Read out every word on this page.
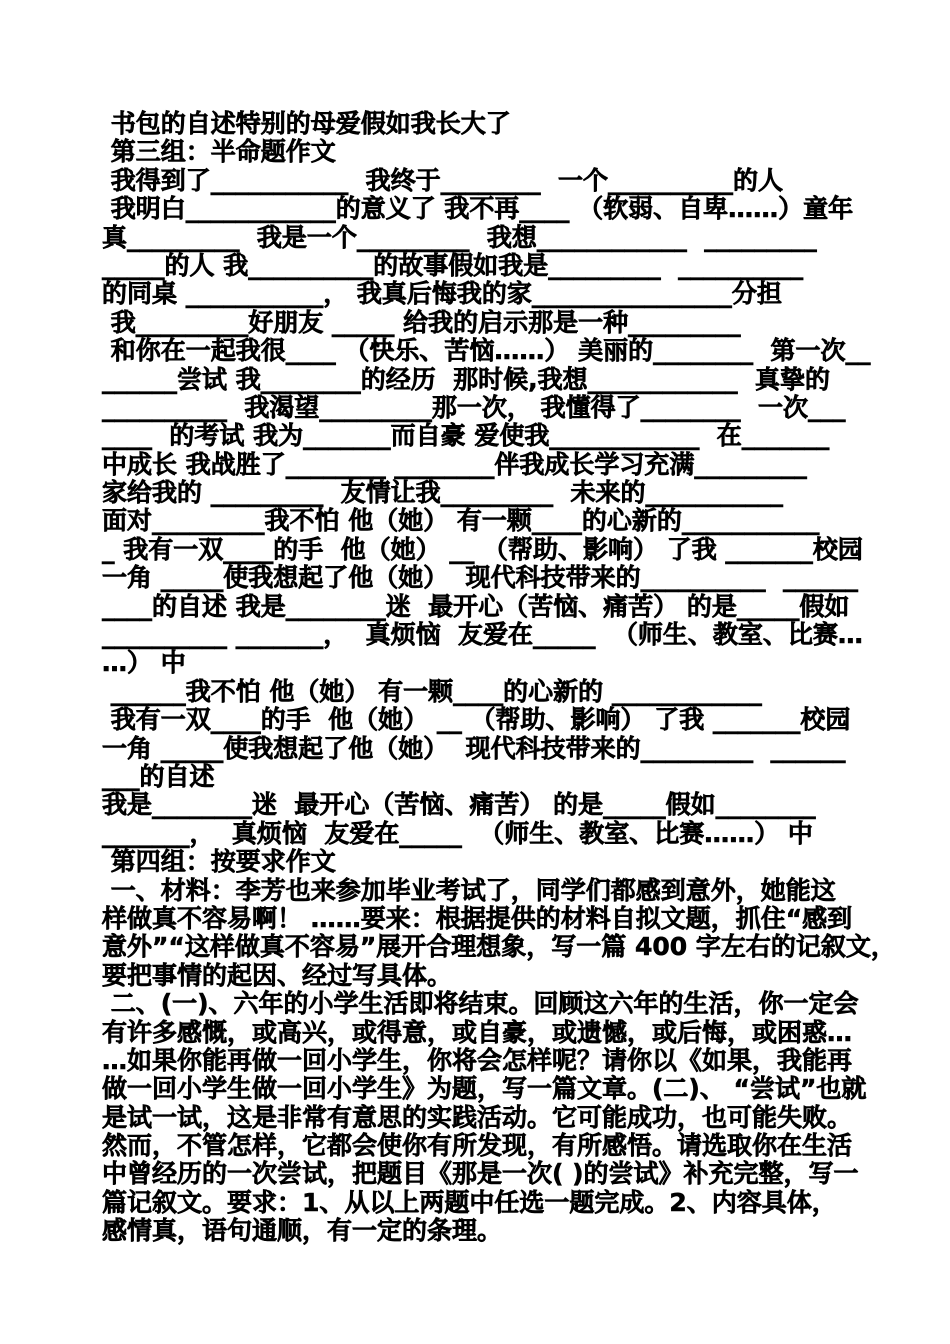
书包的自述特别的母爱假如我长大了
第三组：半命题作文
我得到了___________  我终于________  一个__________的人
我明白____________的意义了 我不再____ （软弱、自卑……）童年
真_________  我是一个_________  我想____________  _________
_____的人 我__________的故事假如我是_________  __________
的同桌 ___________， 我真后悔我的家________________分担
我_________好朋友 _____ 给我的启示那是一种_________
和你在一起我很____ （快乐、苦恼……） 美丽的________  第一次__
______尝试 我________的经历  那时候,我想____________  真挚的
__________  我渴望_________那一次， 我懂得了________  一次___
____  的考试 我为_______而自豪 爱使我____________  在_______
中成长 我战胜了________ ________伴我成长学习充满_________
家给我的 _________  友情让我_________  未来的___________
面对_________我不怕 他（她） 有一颗____的心新的___________
_ 我有一双____的手  他（她） __ （帮助、影响） 了我 _______校园
一角 _____使我想起了他（她）  现代科技带来的__________  ______
____的自述 我是________迷  最开心（苦恼、痛苦） 的是_____假如
__________ _______，  真烦恼  友爱在_____  （师生、教室、比赛…
…） 中
______我不怕 他（她） 有一颗____的心新的 ____________
我有一双____的手  他（她） __ （帮助、影响） 了我 _______校园
一角 _____使我想起了他（她）  现代科技带来的_________  ______
___的自述
我是________迷  最开心（苦恼、痛苦） 的是_____假如________
_______，  真烦恼  友爱在_____  （师生、教室、比赛……） 中
第四组：按要求作文
一、材料：李芳也来参加毕业考试了，同学们都感到意外，她能这
样做真不容易啊！ ……要来：根据提供的材料自拟文题，抓住“感到
意外”“这样做真不容易”展开合理想象，写一篇 400 字左右的记叙文，
要把事情的起因、经过写具体。
二、(一)、六年的小学生活即将结束。回顾这六年的生活，你一定会
有许多感慨，或高兴，或得意，或自豪，或遗憾，或后悔，或困惑…
…如果你能再做一回小学生，你将会怎样呢？请你以《如果，我能再
做一回小学生做一回小学生》为题，写一篇文章。(二)、 “尝试”也就
是试一试，这是非常有意思的实践活动。它可能成功，也可能失败。
然而，不管怎样，它都会使你有所发现，有所感悟。请选取你在生活
中曾经历的一次尝试，把题目《那是一次( )的尝试》补充完整，写一
篇记叙文。要求：1、从以上两题中任选一题完成。2、内容具体，
感情真，语句通顺，有一定的条理。
